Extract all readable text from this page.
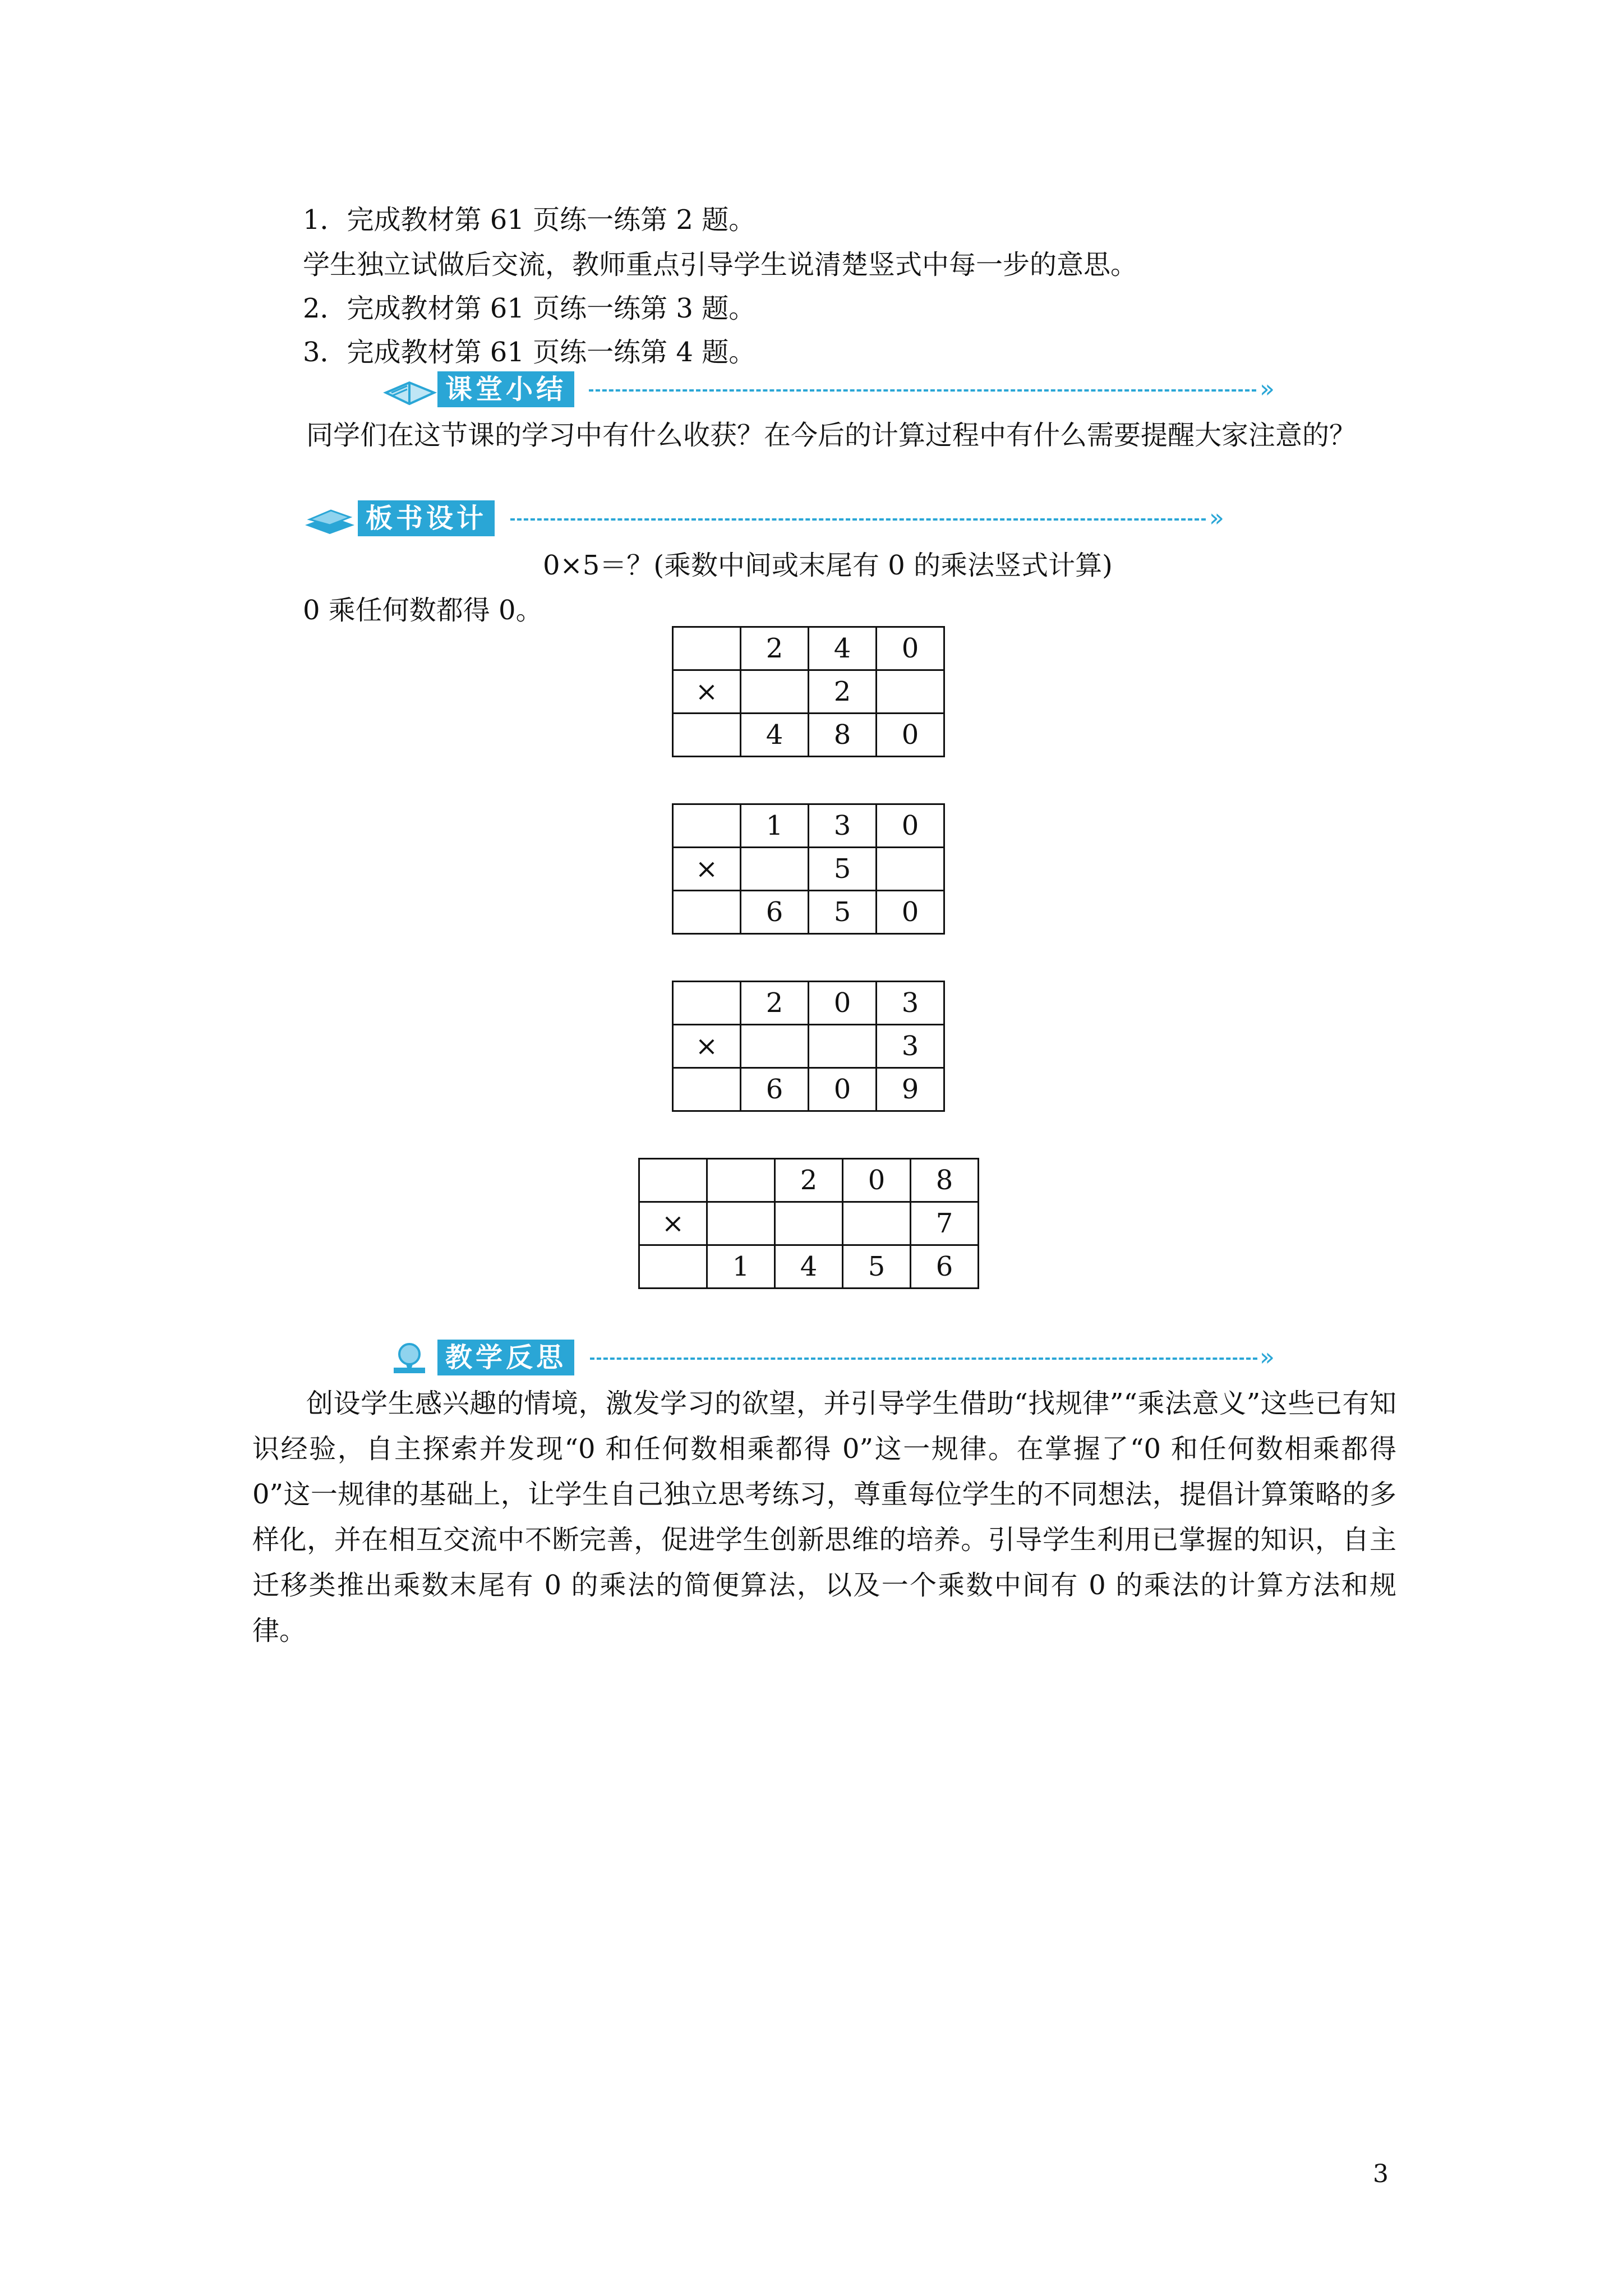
1．完成教材第 61 页练一练第 2 题。
学生独立试做后交流，教师重点引导学生说清楚竖式中每一步的意思。
2．完成教材第 61 页练一练第 3 题。
3．完成教材第 61 页练一练第 4 题。
课堂小结	»
同学们在这节课的学习中有什么收获？在今后的计算过程中有什么需要提醒大家注意的？
板书设计	»
0×5＝？(乘数中间或末尾有 0 的乘法竖式计算)
0 乘任何数都得 0。
	2	4	0
×		2	
	4	8	0
	1	3	0
×		5	
	6	5	0
	2	0	3
×			3
	6	0	9
		2	0	8
×				7
	1	4	5	6
教学反思	»
创设学生感兴趣的情境，激发学习的欲望，并引导学生借助“找规律”“乘法意义”这些已有知识经验，自主探索并发现“0 和任何数相乘都得 0”这一规律。在掌握了“0 和任何数相乘都得 0”这一规律的基础上，让学生自己独立思考练习，尊重每位学生的不同想法，提倡计算策略的多样化，并在相互交流中不断完善，促进学生创新思维的培养。引导学生利用已掌握的知识，自主迁移类推出乘数末尾有 0 的乘法的简便算法，以及一个乘数中间有 0 的乘法的计算方法和规律。
3
